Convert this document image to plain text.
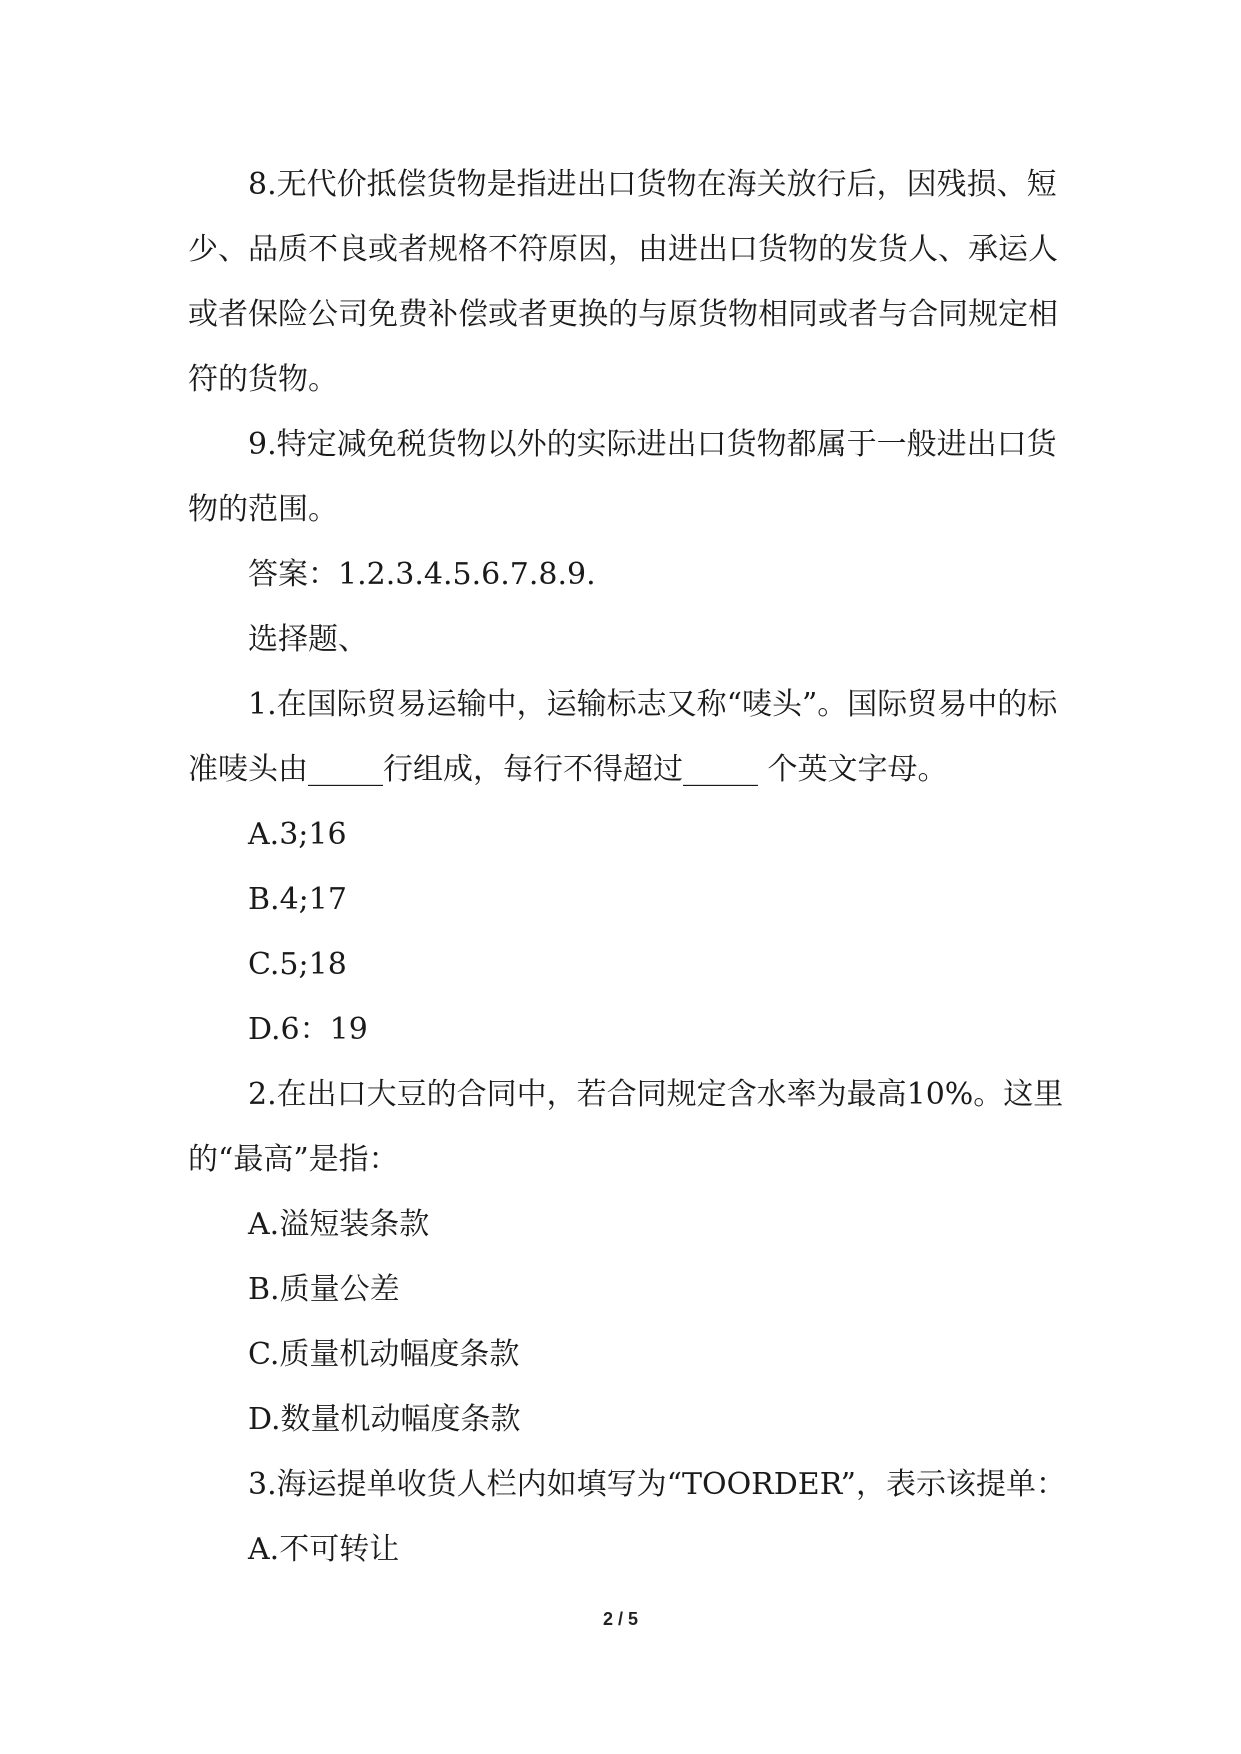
8.无代价抵偿货物是指进出口货物在海关放行后，因残损、短少、品质不良或者规格不符原因，由进出口货物的发货人、承运人或者保险公司免费补偿或者更换的与原货物相同或者与合同规定相符的货物。

9.特定减免税货物以外的实际进出口货物都属于一般进出口货物的范围。

答案：1.2.3.4.5.6.7.8.9.

选择题、

1.在国际贸易运输中，运输标志又称“唛头”。国际贸易中的标准唛头由_____行组成，每行不得超过_____ 个英文字母。

A.3;16

B.4;17

C.5;18

D.6：19

2.在出口大豆的合同中，若合同规定含水率为最高10%。这里的“最高”是指：

A.溢短装条款

B.质量公差

C.质量机动幅度条款

D.数量机动幅度条款

3.海运提单收货人栏内如填写为“TOORDER”，表示该提单：

A.不可转让

2 / 5
